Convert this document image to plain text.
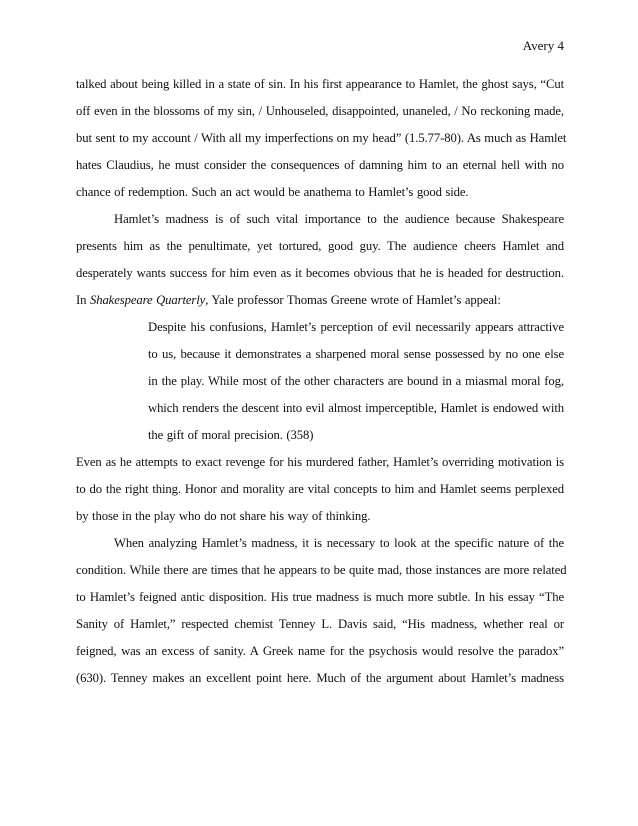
Avery 4
talked about being killed in a state of sin. In his first appearance to Hamlet, the ghost says, “Cut
off even in the blossoms of my sin, / Unhouseled, disappointed, unaneled, / No reckoning made,
but sent to my account / With all my imperfections on my head” (1.5.77-80). As much as Hamlet
hates Claudius, he must consider the consequences of damning him to an eternal hell with no
chance of redemption. Such an act would be anathema to Hamlet’s good side.
Hamlet’s madness is of such vital importance to the audience because Shakespeare
presents him as the penultimate, yet tortured, good guy. The audience cheers Hamlet and
desperately wants success for him even as it becomes obvious that he is headed for destruction.
In Shakespeare Quarterly, Yale professor Thomas Greene wrote of Hamlet’s appeal:
Despite his confusions, Hamlet’s perception of evil necessarily appears attractive
to us, because it demonstrates a sharpened moral sense possessed by no one else
in the play. While most of the other characters are bound in a miasmal moral fog,
which renders the descent into evil almost imperceptible, Hamlet is endowed with
the gift of moral precision. (358)
Even as he attempts to exact revenge for his murdered father, Hamlet’s overriding motivation is
to do the right thing. Honor and morality are vital concepts to him and Hamlet seems perplexed
by those in the play who do not share his way of thinking.
When analyzing Hamlet’s madness, it is necessary to look at the specific nature of the
condition. While there are times that he appears to be quite mad, those instances are more related
to Hamlet’s feigned antic disposition. His true madness is much more subtle. In his essay “The
Sanity of Hamlet,” respected chemist Tenney L. Davis said, “His madness, whether real or
feigned, was an excess of sanity. A Greek name for the psychosis would resolve the paradox”
(630). Tenney makes an excellent point here. Much of the argument about Hamlet’s madness
